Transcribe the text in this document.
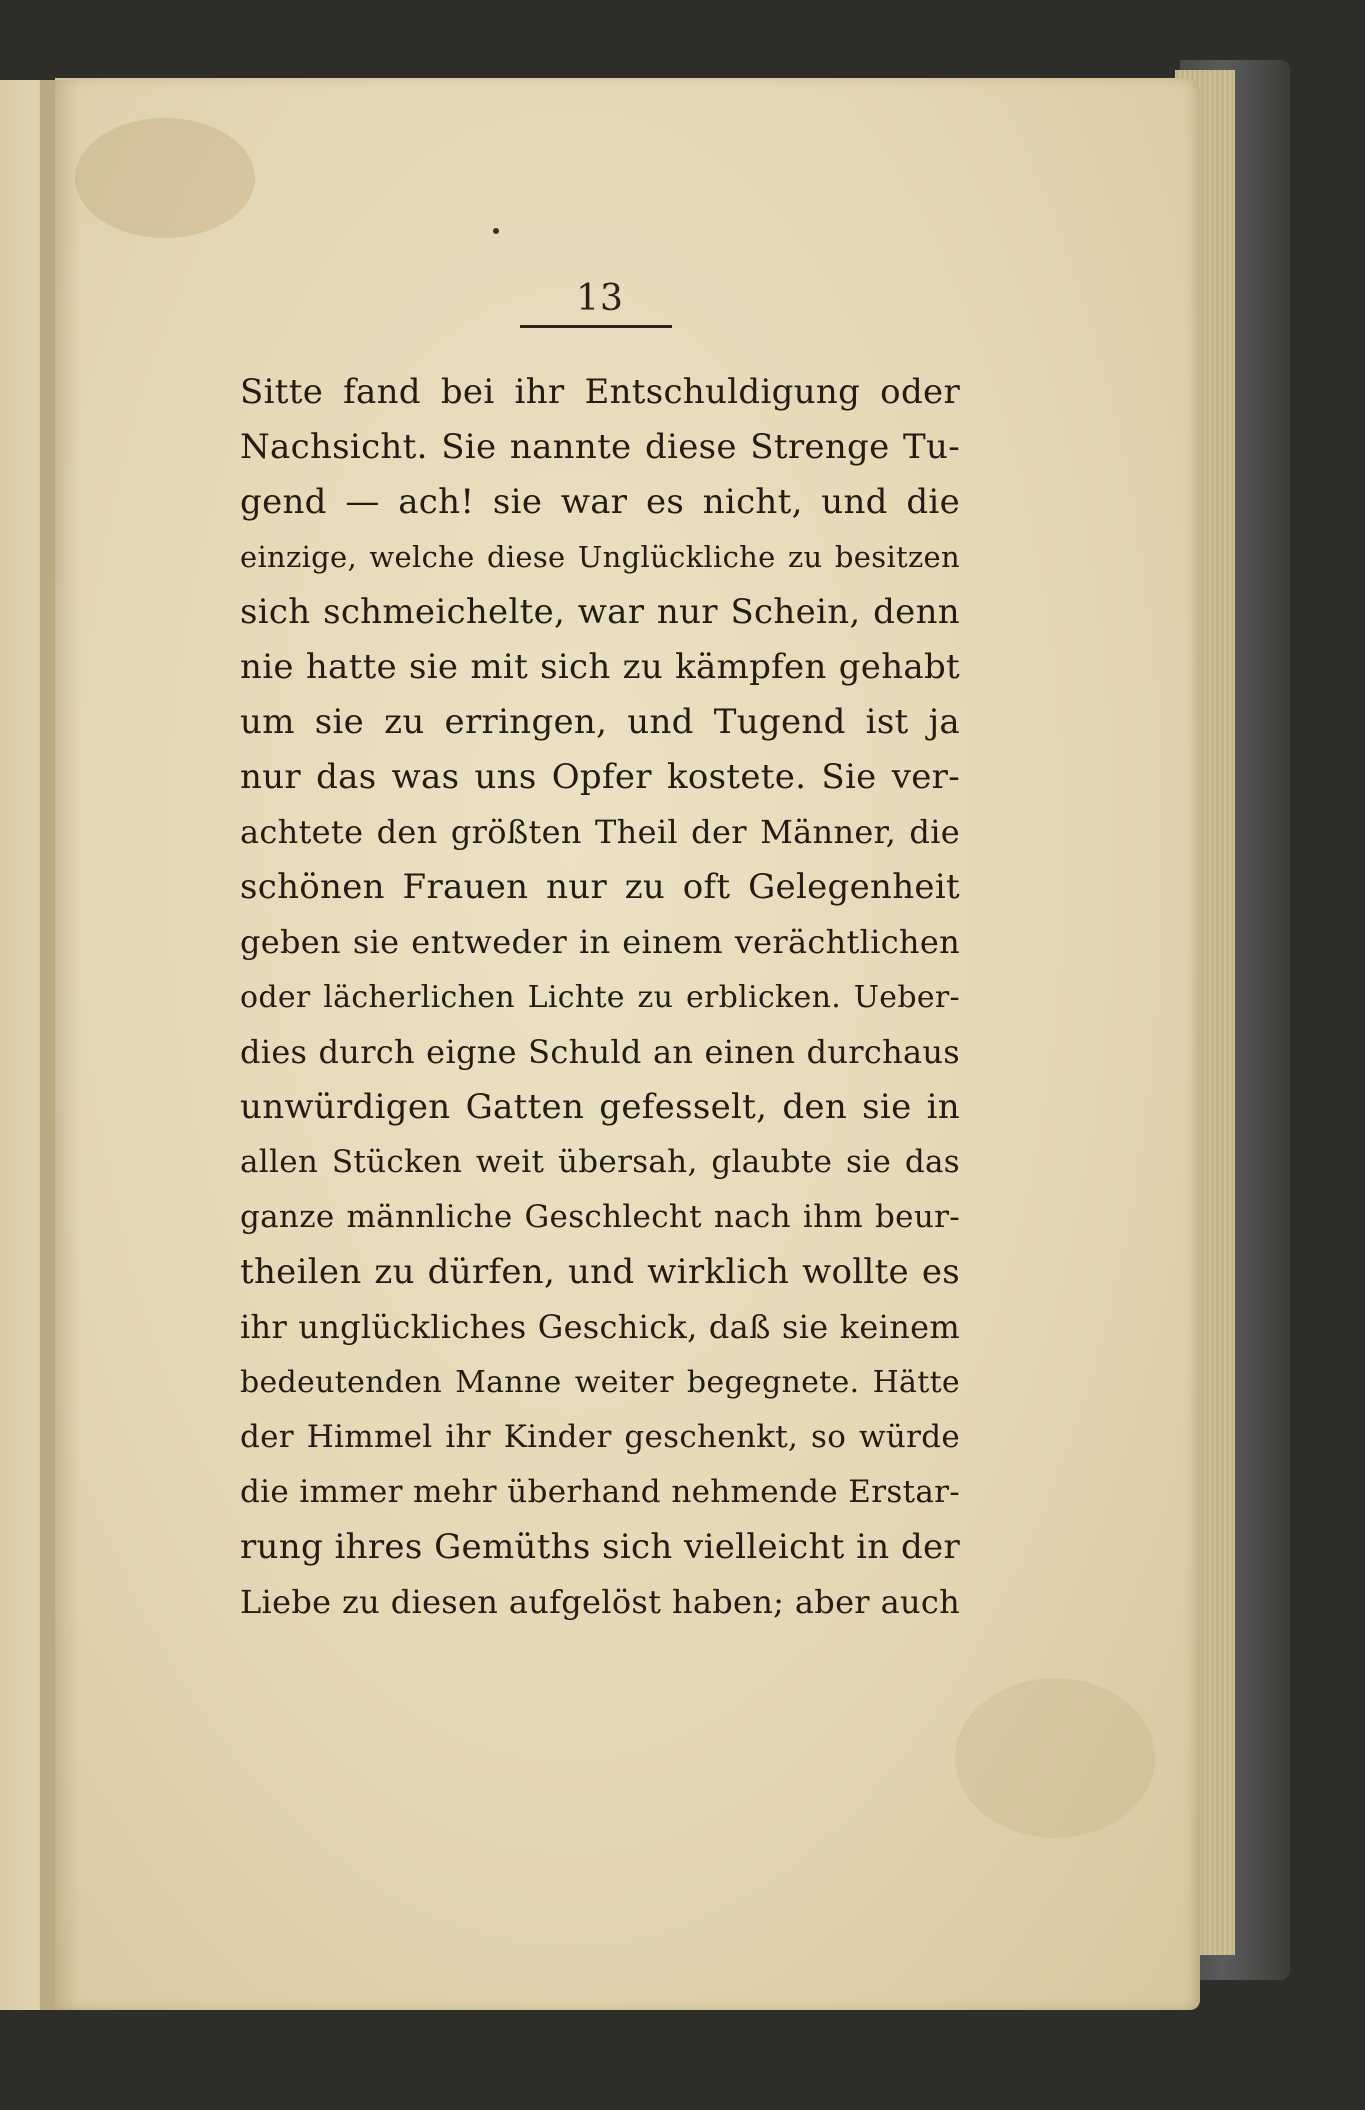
13
Sitte fand bei ihr Entschuldigung oder
Nachsicht. Sie nannte diese Strenge Tu-
gend — ach! sie war es nicht, und die
einzige, welche diese Unglückliche zu besitzen
sich schmeichelte, war nur Schein, denn
nie hatte sie mit sich zu kämpfen gehabt
um sie zu erringen, und Tugend ist ja
nur das was uns Opfer kostete. Sie ver-
achtete den größten Theil der Männer, die
schönen Frauen nur zu oft Gelegenheit
geben sie entweder in einem verächtlichen
oder lächerlichen Lichte zu erblicken. Ueber-
dies durch eigne Schuld an einen durchaus
unwürdigen Gatten gefesselt, den sie in
allen Stücken weit übersah, glaubte sie das
ganze männliche Geschlecht nach ihm beur-
theilen zu dürfen, und wirklich wollte es
ihr unglückliches Geschick, daß sie keinem
bedeutenden Manne weiter begegnete. Hätte
der Himmel ihr Kinder geschenkt, so würde
die immer mehr überhand nehmende Erstar-
rung ihres Gemüths sich vielleicht in der
Liebe zu diesen aufgelöst haben; aber auch
